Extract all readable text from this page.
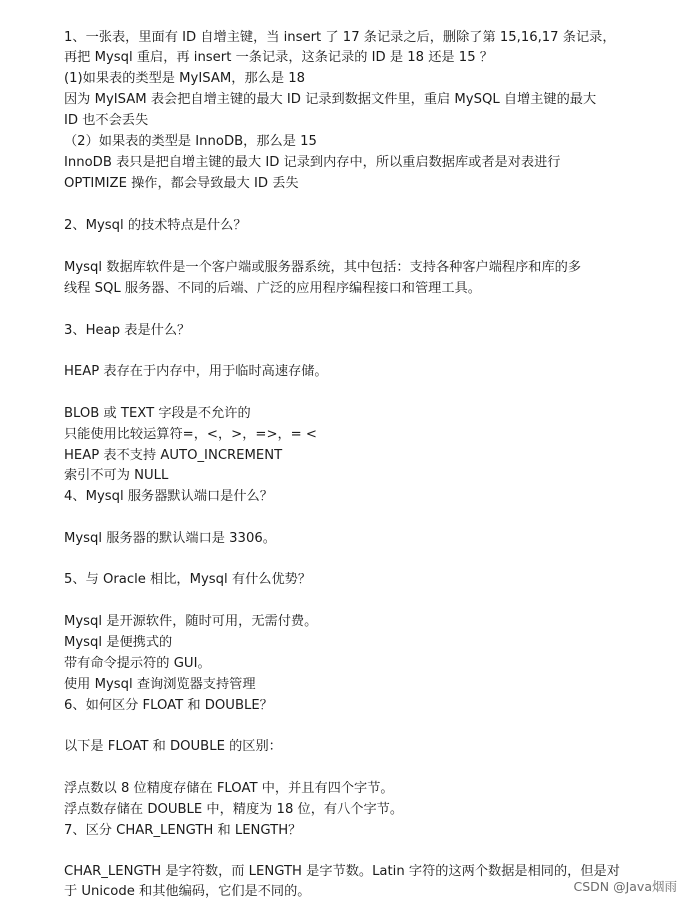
1、一张表，里面有 ID 自增主键，当 insert 了 17 条记录之后，删除了第 15,16,17 条记录，
再把 Mysql 重启，再 insert 一条记录，这条记录的 ID 是 18 还是 15 ？
(1)如果表的类型是 MyISAM，那么是 18
因为 MyISAM 表会把自增主键的最大 ID 记录到数据文件里，重启 MySQL 自增主键的最大
ID 也不会丢失
（2）如果表的类型是 InnoDB，那么是 15
InnoDB 表只是把自增主键的最大 ID 记录到内存中，所以重启数据库或者是对表进行
OPTIMIZE 操作，都会导致最大 ID 丢失
2、Mysql 的技术特点是什么？
Mysql 数据库软件是一个客户端或服务器系统，其中包括：支持各种客户端程序和库的多
线程 SQL 服务器、不同的后端、广泛的应用程序编程接口和管理工具。
3、Heap 表是什么？
HEAP 表存在于内存中，用于临时高速存储。
BLOB 或 TEXT 字段是不允许的
只能使用比较运算符=，<，>，=>，= <
HEAP 表不支持 AUTO_INCREMENT
索引不可为 NULL
4、Mysql 服务器默认端口是什么？
Mysql 服务器的默认端口是 3306。
5、与 Oracle 相比，Mysql 有什么优势？
Mysql 是开源软件，随时可用，无需付费。
Mysql 是便携式的
带有命令提示符的 GUI。
使用 Mysql 查询浏览器支持管理
6、如何区分 FLOAT 和 DOUBLE？
以下是 FLOAT 和 DOUBLE 的区别：
浮点数以 8 位精度存储在 FLOAT 中，并且有四个字节。
浮点数存储在 DOUBLE 中，精度为 18 位，有八个字节。
7、区分 CHAR_LENGTH 和 LENGTH？
CHAR_LENGTH 是字符数，而 LENGTH 是字节数。Latin 字符的这两个数据是相同的，但是对
于 Unicode 和其他编码，它们是不同的。	CSDN @Java烟雨
